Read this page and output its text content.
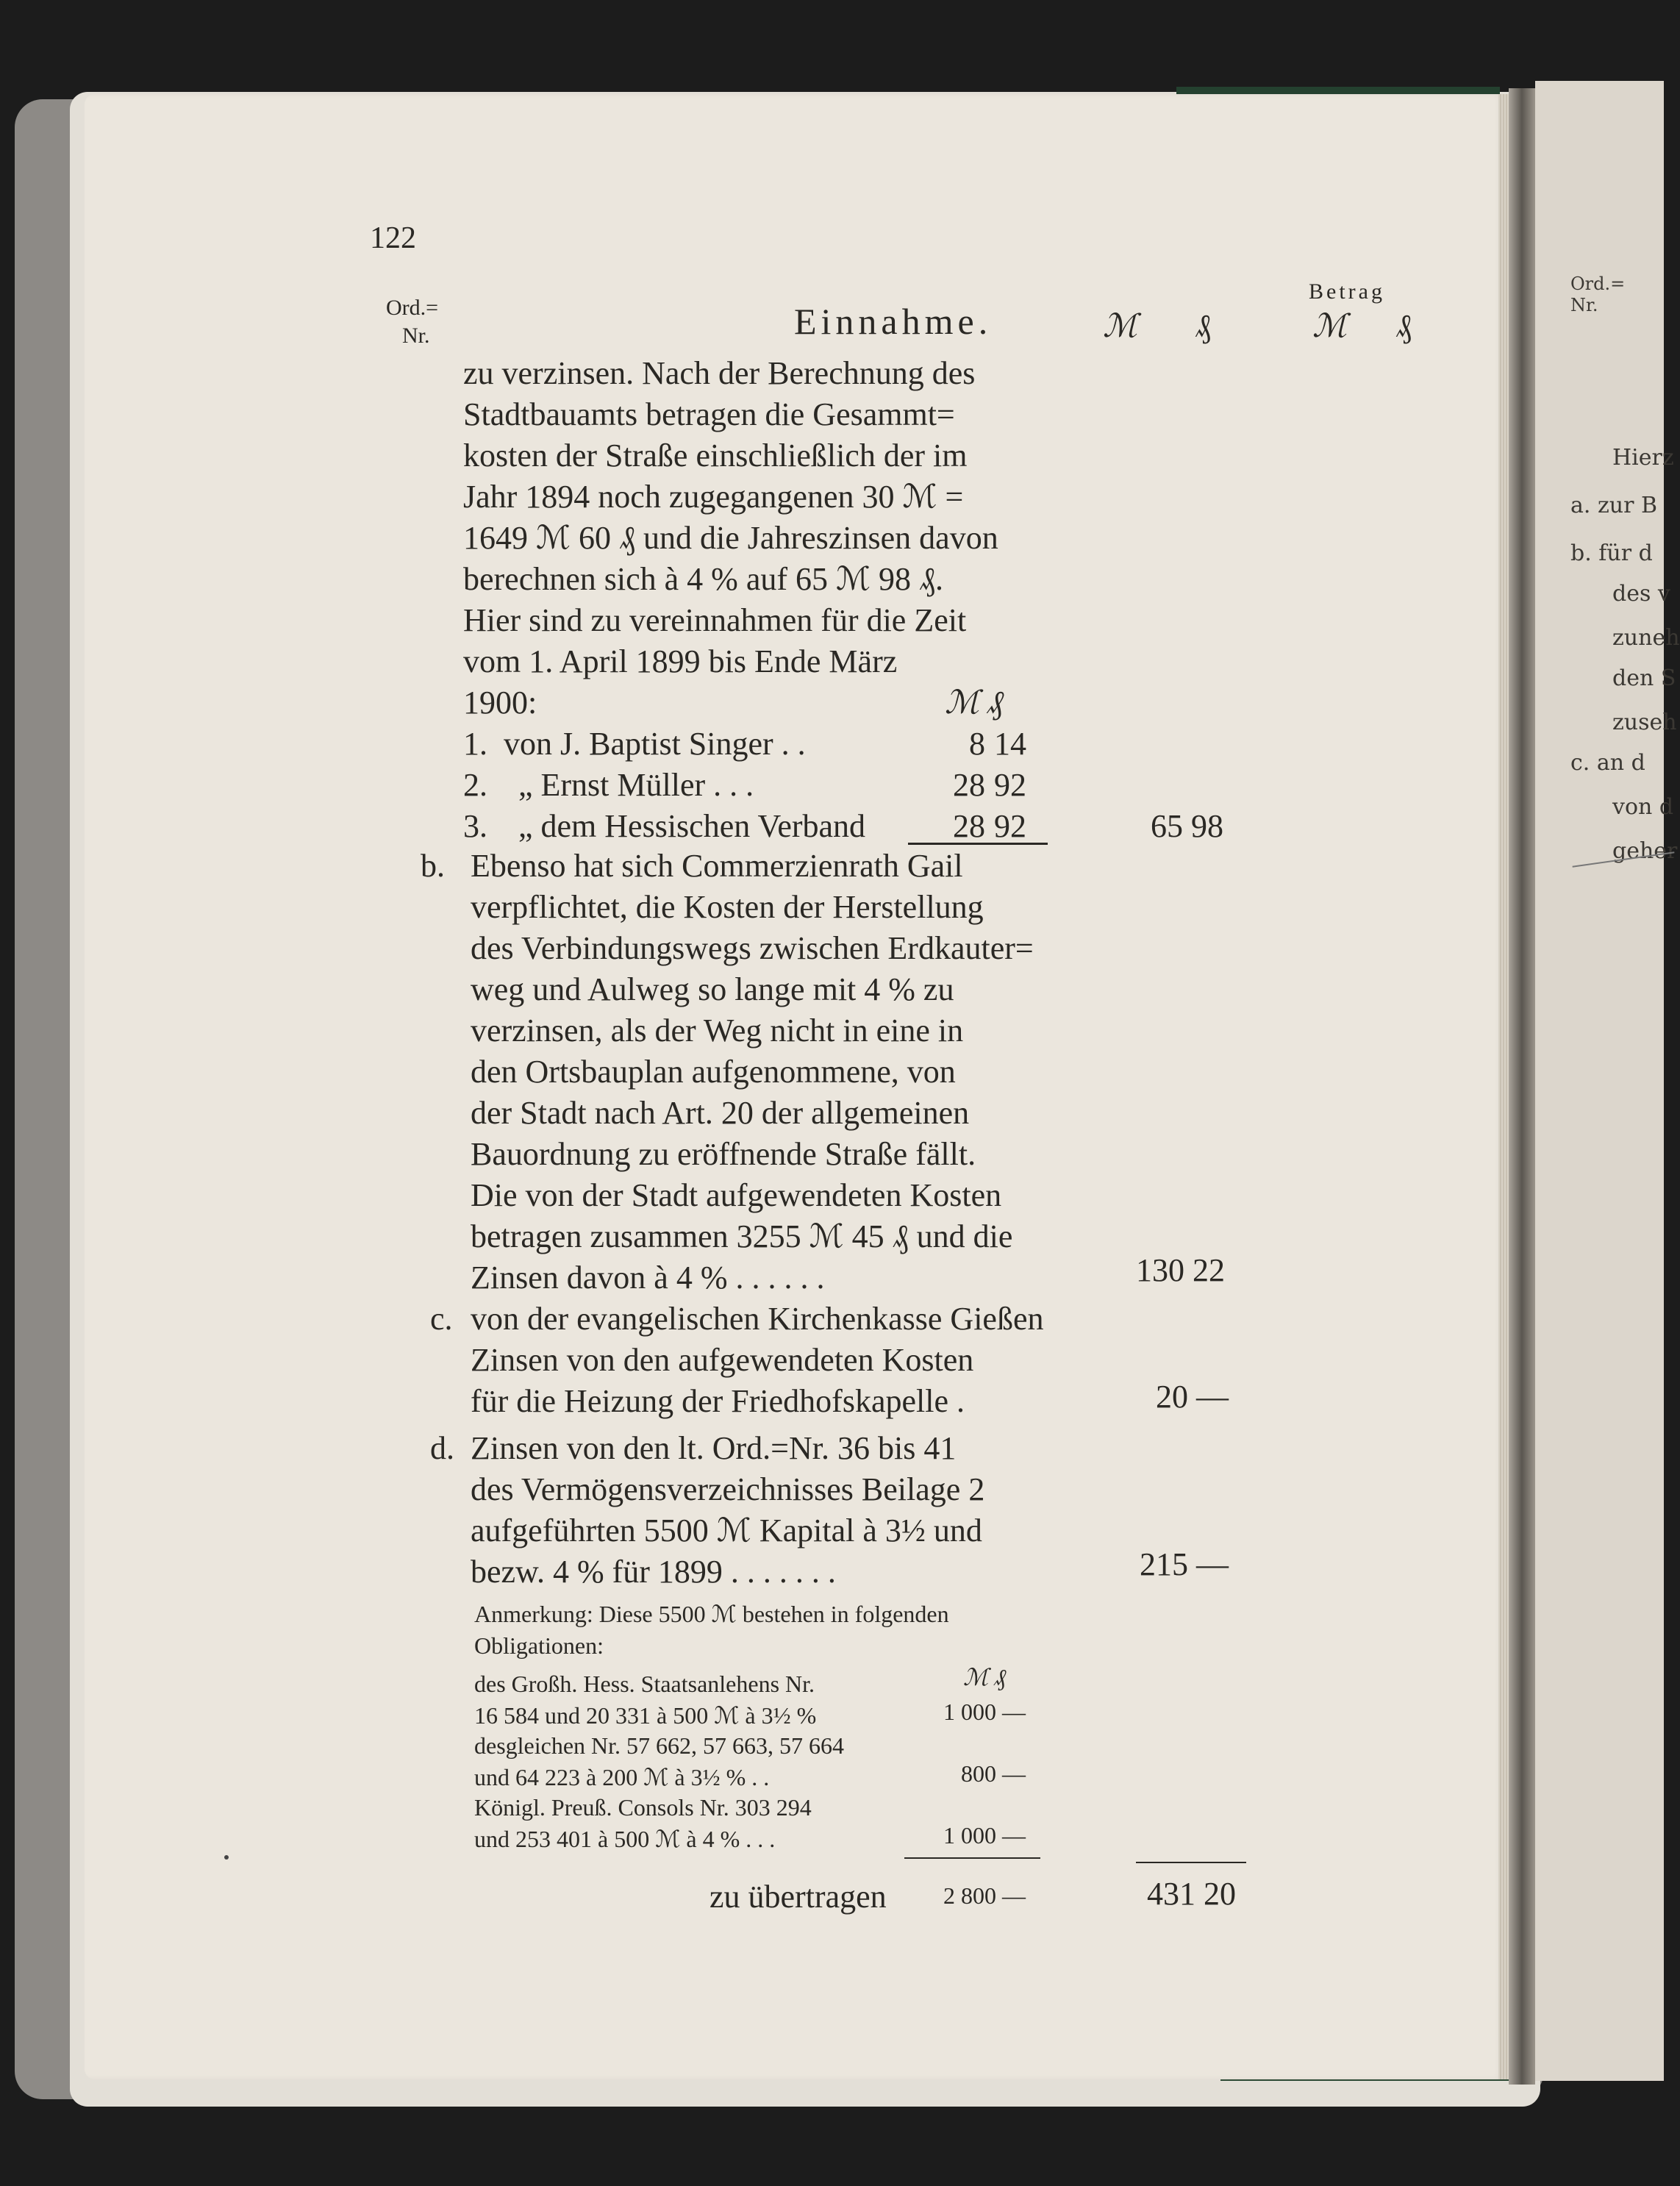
Ord.=
Nr.
Hierz
a. zur B
b. für d
des v
zuneh
den S
zuseh
c. an d
von d
geher
122
Ord.=
Nr.	Einnahme.	ℳ ₰
Betrag
ℳ ₰
zu verzinsen. Nach der Berechnung des
Stadtbauamts betragen die Gesammt=
kosten der Straße einschließlich der im
Jahr 1894 noch zugegangenen 30 ℳ =
1649 ℳ 60 ₰ und die Jahreszinsen davon
berechnen sich à 4 % auf 65 ℳ 98 ₰.
Hier sind zu vereinnahmen für die Zeit
vom 1. April 1899 bis Ende März
1900:	ℳ ₰
1. von J. Baptist Singer . .	8 14
2. „ Ernst Müller . . .	28 92
3. „ dem Hessischen Verband	28 92	65 98
b. Ebenso hat sich Commerzienrath Gail
verpflichtet, die Kosten der Herstellung
des Verbindungswegs zwischen Erdkauter=
weg und Aulweg so lange mit 4 % zu
verzinsen, als der Weg nicht in eine in
den Ortsbauplan aufgenommene, von
der Stadt nach Art. 20 der allgemeinen
Bauordnung zu eröffnende Straße fällt.
Die von der Stadt aufgewendeten Kosten
betragen zusammen 3255 ℳ 45 ₰ und die
Zinsen davon à 4 % . . . . . .	130 22
c. von der evangelischen Kirchenkasse Gießen
Zinsen von den aufgewendeten Kosten
für die Heizung der Friedhofskapelle .	20 —
d. Zinsen von den lt. Ord.=Nr. 36 bis 41
des Vermögensverzeichnisses Beilage 2
aufgeführten 5500 ℳ Kapital à 3½ und
bezw. 4 % für 1899 . . . . . . .	215 —
Anmerkung: Diese 5500 ℳ bestehen in folgenden
Obligationen:
ℳ ₰
des Großh. Hess. Staatsanlehens Nr.
16 584 und 20 331 à 500 ℳ à 3½ %	1 000 —
desgleichen Nr. 57 662, 57 663, 57 664
und 64 223 à 200 ℳ à 3½ % . .	800 —
Königl. Preuß. Consols Nr. 303 294
und 253 401 à 500 ℳ à 4 % . . .	1 000 —
zu übertragen 2 800 —	431 20
